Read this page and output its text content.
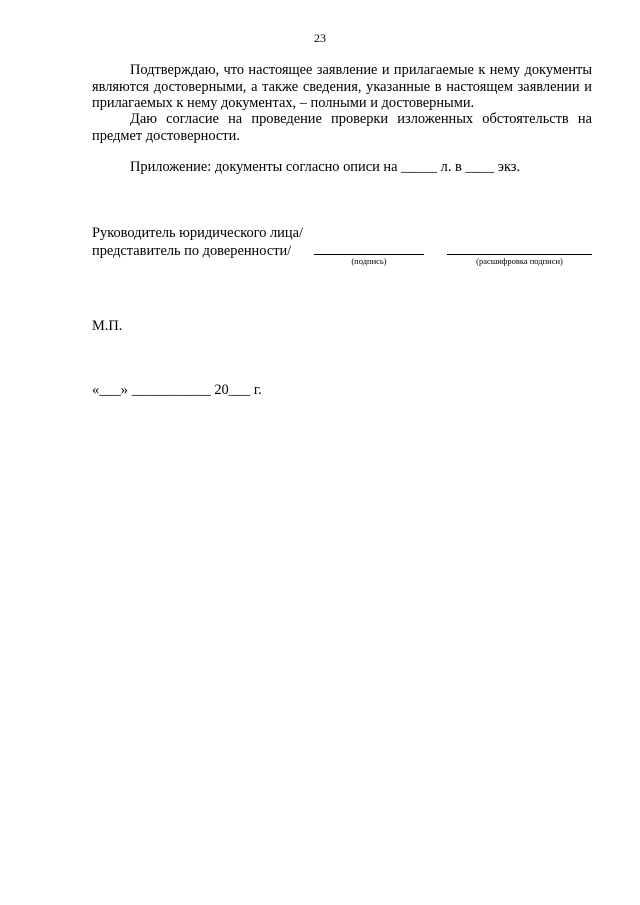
23

Подтверждаю, что настоящее заявление и прилагаемые к нему документы являются достоверными, а также сведения, указанные в настоящем заявлении и прилагаемых к нему документах, – полными и достоверными.

Даю согласие на проведение проверки изложенных обстоятельств на предмет достоверности.

Приложение: документы согласно описи на _____ л. в ____ экз.

Руководитель юридического лица/
представитель по доверенности/
(подпись)	(расшифровка подписи)
М.П.
«___» ___________ 20___ г.
